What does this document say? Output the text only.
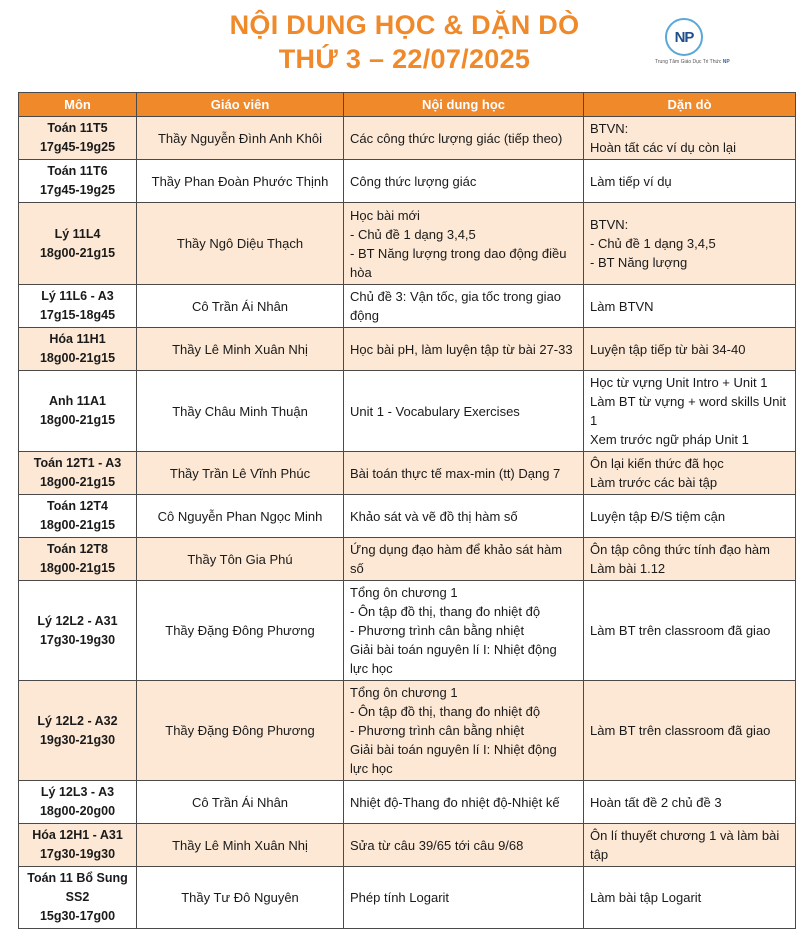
NỘI DUNG HỌC & DẶN DÒ
THỨ 3 – 22/07/2025
NP
Trung Tâm Giáo Dục Tri Thức NP
Môn	Giáo viên	Nội dung học	Dặn dò

Toán 11T5
17g45-19g25	Thầy Nguyễn Đình Anh Khôi	Các công thức lượng giác (tiếp theo)	BTVN:
Hoàn tất các ví dụ còn lại

Toán 11T6
17g45-19g25	Thầy Phan Đoàn Phước Thịnh	Công thức lượng giác	Làm tiếp ví dụ

Lý 11L4
18g00-21g15	Thầy Ngô Diệu Thạch	Học bài mới
- Chủ đề 1 dạng 3,4,5
- BT Năng lượng trong dao động điều hòa	BTVN:
- Chủ đề 1 dạng 3,4,5
- BT Năng lượng

Lý 11L6 - A3
17g15-18g45	Cô Trần Ái Nhân	Chủ đề 3: Vận tốc, gia tốc trong giao động	Làm BTVN

Hóa 11H1
18g00-21g15	Thầy Lê Minh Xuân Nhị	Học bài pH, làm luyện tập từ bài 27-33	Luyện tập tiếp từ bài 34-40

Anh 11A1
18g00-21g15	Thầy Châu Minh Thuận	Unit 1 - Vocabulary Exercises	Học từ vựng Unit Intro + Unit 1
Làm BT từ vựng + word skills Unit 1
Xem trước ngữ pháp Unit 1

Toán 12T1 - A3
18g00-21g15	Thầy Trần Lê Vĩnh Phúc	Bài toán thực tế max-min (tt) Dạng 7	Ôn lại kiến thức đã học
Làm trước các bài tập

Toán 12T4
18g00-21g15	Cô Nguyễn Phan Ngọc Minh	Khảo sát và vẽ đồ thị hàm số	Luyện tập Đ/S tiệm cận

Toán 12T8
18g00-21g15	Thầy Tôn Gia Phú	Ứng dụng đạo hàm để khảo sát hàm số	Ôn tập công thức tính đạo hàm
Làm bài 1.12

Lý 12L2 - A31
17g30-19g30	Thầy Đặng Đông Phương	Tổng ôn chương 1
- Ôn tập đồ thị, thang đo nhiệt độ
- Phương trình cân bằng nhiệt
Giải bài toán nguyên lí I: Nhiệt động lực học	Làm BT trên classroom đã giao

Lý 12L2 - A32
19g30-21g30	Thầy Đặng Đông Phương	Tổng ôn chương 1
- Ôn tập đồ thị, thang đo nhiệt độ
- Phương trình cân bằng nhiệt
Giải bài toán nguyên lí I: Nhiệt động lực học	Làm BT trên classroom đã giao

Lý 12L3 - A3
18g00-20g00	Cô Trần Ái Nhân	Nhiệt độ-Thang đo nhiệt độ-Nhiệt kế	Hoàn tất đề 2 chủ đề 3

Hóa 12H1 - A31
17g30-19g30	Thầy Lê Minh Xuân Nhị	Sửa từ câu 39/65 tới câu 9/68	Ôn lí thuyết chương 1 và làm bài tập

Toán 11 Bổ Sung
SS2
15g30-17g00	Thầy Tư Đô Nguyên	Phép tính Logarit	Làm bài tập Logarit
